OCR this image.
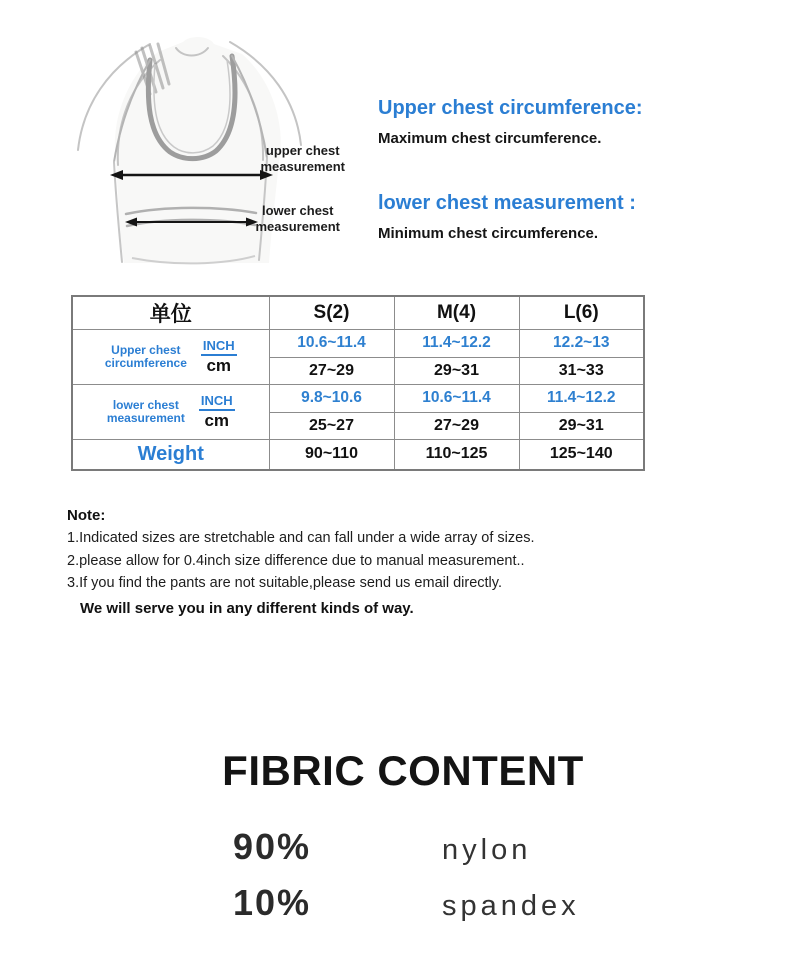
upper chest
measurement
lower chest
measurement
Upper chest circumference:

Maximum chest circumference.

lower chest measurement :

Minimum chest circumference.

单位	S(2)	M(4)	L(6)

Upper chest
circumference $\frac{\text{INCH}}{cm}$	10.6~11.4	11.4~12.2	12.2~13
	27~29	29~31	31~33

lower chest
measurement $\frac{\text{INCH}}{cm}$	9.8~10.6	10.6~11.4	11.4~12.2
	25~27	27~29	29~31
Weight	90~110	110~125	125~140
Note:
1.Indicated sizes are stretchable and can fall under a wide array of sizes.
2.please allow for 0.4inch size difference due to manual measurement..
3.If you find the pants are not suitable,please send us email directly.
We will serve you in any different kinds of way.
FIBRIC CONTENT
90%	nylon
10%	spandex
